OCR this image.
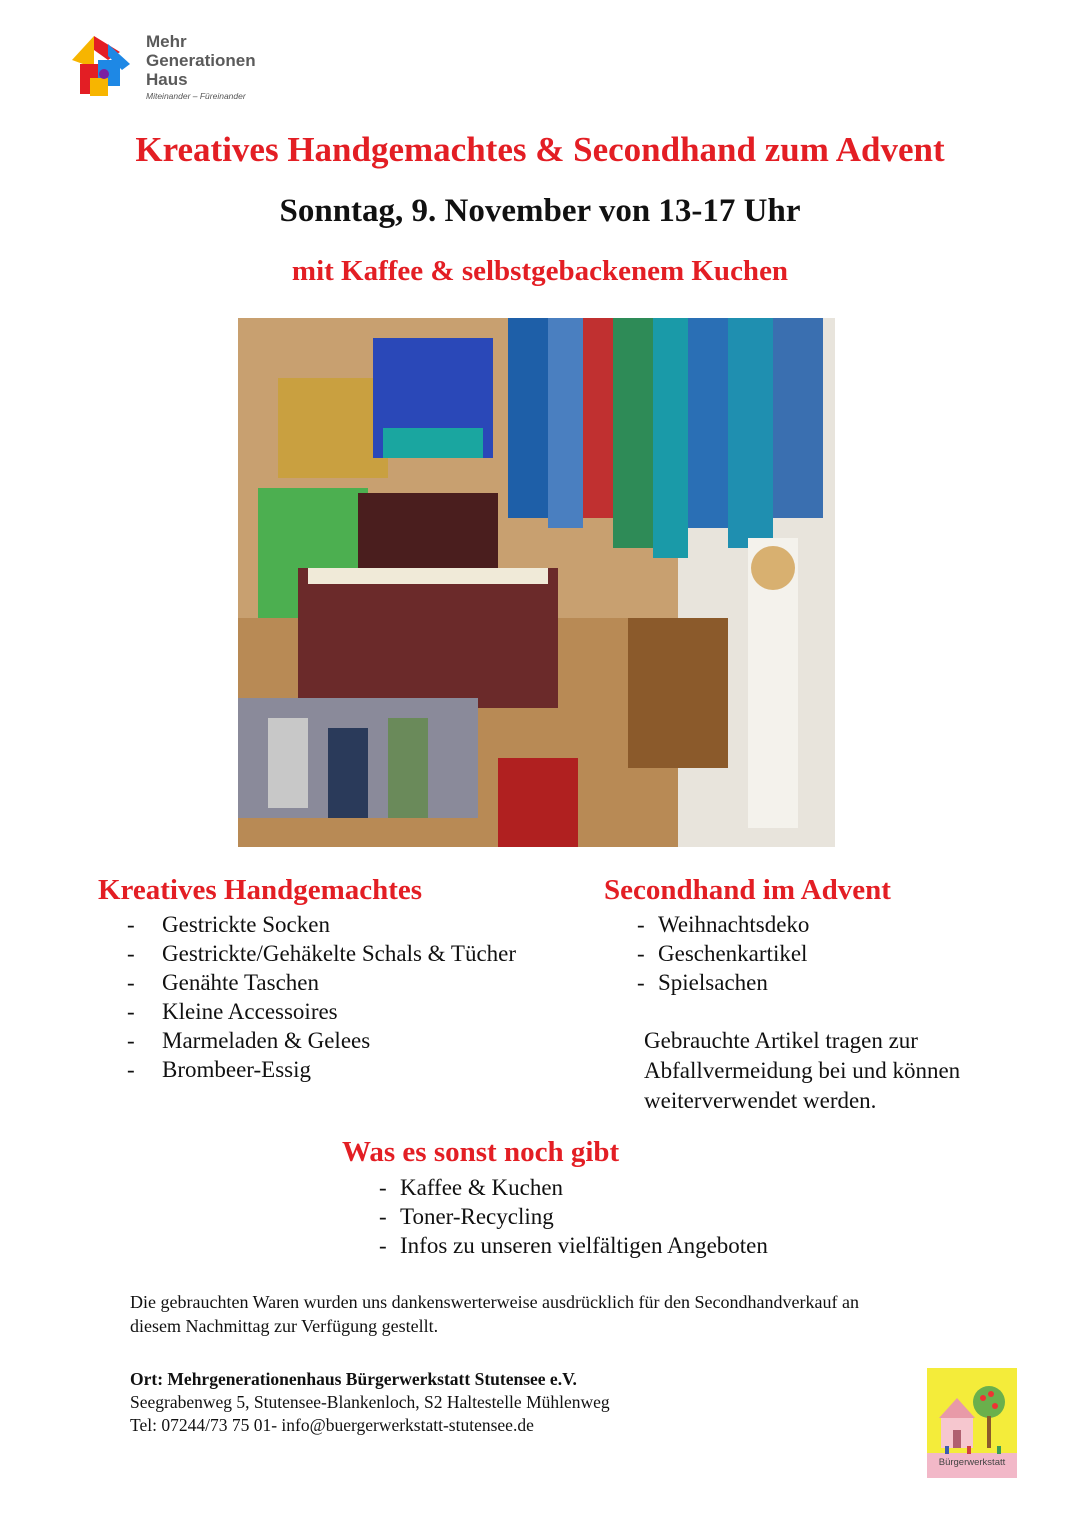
Mehr
Generationen
Haus
Miteinander – Füreinander
Kreatives Handgemachtes & Secondhand zum Advent
Sonntag, 9. November von 13-17 Uhr
mit Kaffee & selbstgebackenem Kuchen
Kreatives Handgemachtes
- Gestrickte Socken
- Gestrickte/Gehäkelte Schals & Tücher
- Genähte Taschen
- Kleine Accessoires
- Marmeladen & Gelees
- Brombeer-Essig
Secondhand im Advent
- Weihnachtsdeko
- Geschenkartikel
- Spielsachen
Gebrauchte Artikel tragen zur Abfallvermeidung bei und können weiterverwendet werden.
Was es sonst noch gibt
- Kaffee & Kuchen
- Toner-Recycling
- Infos zu unseren vielfältigen Angeboten
Die gebrauchten Waren wurden uns dankenswerterweise ausdrücklich für den Secondhandverkauf an diesem Nachmittag zur Verfügung gestellt.
Ort: Mehrgenerationenhaus Bürgerwerkstatt Stutensee e.V.
Seegrabenweg 5, Stutensee-Blankenloch, S2 Haltestelle Mühlenweg
Tel: 07244/73 75 01- info@buergerwerkstatt-stutensee.de
Bürgerwerkstatt
